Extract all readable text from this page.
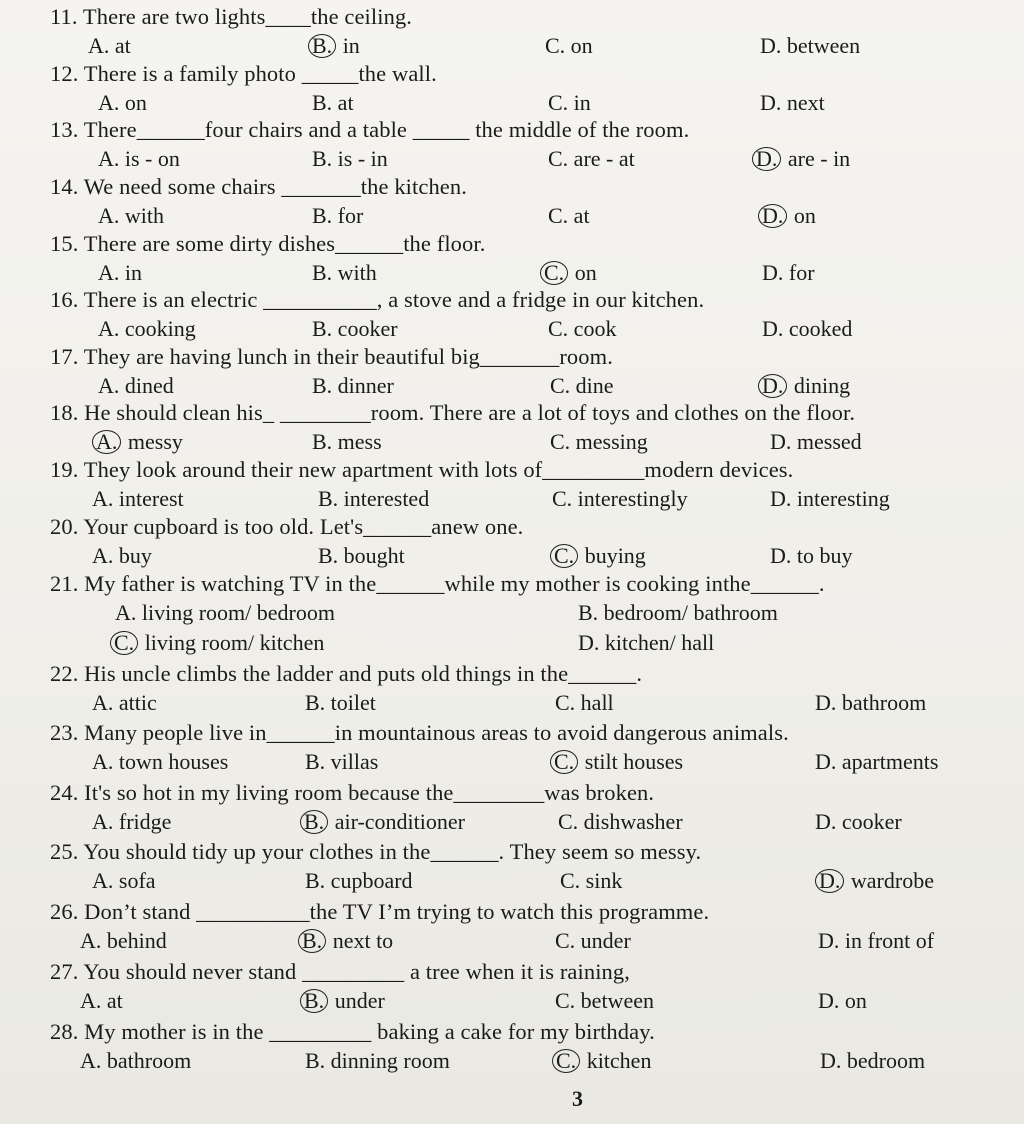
11. There are two lights____the ceiling.
A. at	B. in	C. on	D. between
12. There is a family photo _____the wall.
A. on	B. at	C. in	D. next
13. There______four chairs and a table _____ the middle of the room.
A. is - on	B. is - in	C. are - at	D. are - in
14. We need some chairs _______the kitchen.
A. with	B. for	C. at	D. on
15. There are some dirty dishes______the floor.
A. in	B. with	C. on	D. for
16. There is an electric __________, a stove and a fridge in our kitchen.
A. cooking	B. cooker	C. cook	D. cooked
17. They are having lunch in their beautiful big_______room.
A. dined	B. dinner	C. dine	D. dining
18. He should clean his_ ________room. There are a lot of toys and clothes on the floor.
A. messy	B. mess	C. messing	D. messed
19. They look around their new apartment with lots of_________modern devices.
A. interest	B. interested	C. interestingly	D. interesting
20. Your cupboard is too old. Let's______anew one.
A. buy	B. bought	C. buying	D. to buy
21. My father is watching TV in the______while my mother is cooking inthe______.
A. living room/ bedroom	B. bedroom/ bathroom
C. living room/ kitchen	D. kitchen/ hall
22. His uncle climbs the ladder and puts old things in the______.
A. attic	B. toilet	C. hall	D. bathroom
23. Many people live in______in mountainous areas to avoid dangerous animals.
A. town houses	B. villas	C. stilt houses	D. apartments
24. It's so hot in my living room because the________was broken.
A. fridge	B. air-conditioner	C. dishwasher	D. cooker
25. You should tidy up your clothes in the______. They seem so messy.
A. sofa	B. cupboard	C. sink	D. wardrobe
26. Don’t stand __________the TV I’m trying to watch this programme.
A. behind	B. next to	C. under	D. in front of
27. You should never stand _________ a tree when it is raining,
A. at	B. under	C. between	D. on
28. My mother is in the _________ baking a cake for my birthday.
A. bathroom	B. dinning room	C. kitchen	D. bedroom
3
